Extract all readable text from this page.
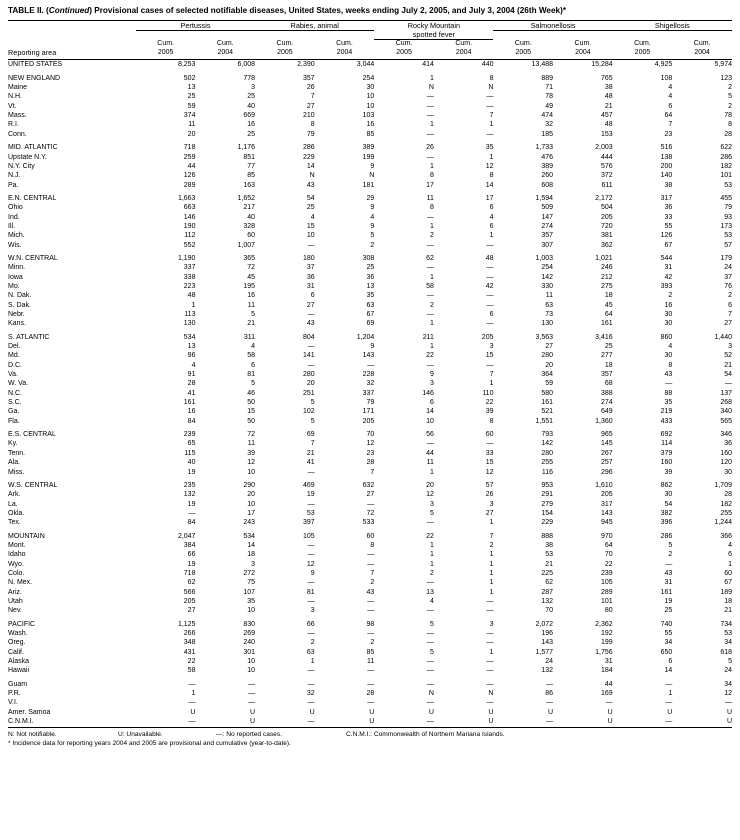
TABLE II. (Continued) Provisional cases of selected notifiable diseases, United States, weeks ending July 2, 2005, and July 3, 2004 (26th Week)*
	Pertussis		Rabies, animal		Rocky Mountain		Salmonellosis		Shigellosis	
					spotted fever					
	Cum.	Cum.	Cum.	Cum.	Cum.	Cum.	Cum.	Cum.	Cum.	Cum.
Reporting area	2005	2004	2005	2004	2005	2004	2005	2004	2005	2004

UNITED STATES	8,253	6,008	2,390	3,044	414	440	13,488	15,284	4,925	5,974

NEW ENGLAND	502	778	357	254	1	8	889	765	108	123
Maine	13	3	26	30	N	N	71	38	4	2
N.H.	25	25	7	10	—	—	78	48	4	5
Vt.	59	40	27	10	—	—	49	21	6	2
Mass.	374	669	210	103	—	7	474	457	64	78
R.I.	11	16	8	16	1	1	32	48	7	8
Conn.	20	25	79	85	—	—	185	153	23	28

MID. ATLANTIC	718	1,176	286	389	26	35	1,733	2,003	516	622
Upstate N.Y.	259	851	229	199	—	1	476	444	138	286
N.Y. City	44	77	14	9	1	12	389	576	200	182
N.J.	126	85	N	N	8	8	260	372	140	101
Pa.	289	163	43	181	17	14	608	611	38	53

E.N. CENTRAL	1,663	1,652	54	29	11	17	1,594	2,172	317	455
Ohio	663	217	25	9	8	6	509	504	36	79
Ind.	146	40	4	4	—	4	147	205	33	93
Ill.	190	328	15	9	1	6	274	720	55	173
Mich.	112	60	10	5	2	1	357	381	126	53
Wis.	552	1,007	—	2	—	—	307	362	67	57

W.N. CENTRAL	1,190	365	180	308	62	48	1,003	1,021	544	179
Minn.	337	72	37	25	—	—	254	246	31	24
Iowa	338	45	36	36	1	—	142	212	42	37
Mo.	223	195	31	13	58	42	330	275	393	76
N. Dak.	48	16	6	35	—	—	11	18	2	2
S. Dak.	1	11	27	63	2	—	63	45	16	6
Nebr.	113	5	—	67	—	6	73	64	30	7
Kans.	130	21	43	69	1	—	130	161	30	27

S. ATLANTIC	534	311	804	1,204	211	205	3,563	3,416	860	1,440
Del.	13	4	—	9	1	3	27	25	4	3
Md.	96	58	141	143	22	15	280	277	30	52
D.C.	4	6	—	—	—	—	20	18	8	21
Va.	91	81	280	228	9	7	364	357	43	54
W. Va.	28	5	20	32	3	1	59	68	—	—
N.C.	41	46	251	337	146	110	580	388	88	137
S.C.	161	50	5	79	6	22	161	274	35	268
Ga.	16	15	102	171	14	39	521	649	219	340
Fla.	84	50	5	205	10	8	1,551	1,360	433	565

E.S. CENTRAL	239	72	69	70	56	60	793	965	692	346
Ky.	65	11	7	12	—	—	142	145	114	36
Tenn.	115	39	21	23	44	33	280	267	379	160
Ala.	40	12	41	28	11	15	255	257	160	120
Miss.	19	10	—	7	1	12	116	296	39	30

W.S. CENTRAL	235	290	469	632	20	57	953	1,610	862	1,709
Ark.	132	20	19	27	12	26	291	205	30	28
La.	19	10	—	—	3	3	279	317	54	182
Okla.	—	17	53	72	5	27	154	143	382	255
Tex.	84	243	397	533	—	1	229	945	396	1,244

MOUNTAIN	2,047	534	105	60	22	7	888	970	286	366
Mont.	384	14	—	8	1	2	38	64	5	4
Idaho	66	18	—	—	1	1	53	70	2	6
Wyo.	19	3	12	—	1	1	21	22	—	1
Colo.	718	272	9	7	2	1	225	239	43	60
N. Mex.	62	75	—	2	—	1	62	105	31	67
Ariz.	566	107	81	43	13	1	287	289	161	189
Utah	205	35	—	—	4	—	132	101	19	18
Nev.	27	10	3	—	—	—	70	80	25	21

PACIFIC	1,125	830	66	98	5	3	2,072	2,362	740	734
Wash.	266	269	—	—	—	—	196	192	55	53
Oreg.	348	240	2	2	—	—	143	199	34	34
Calif.	431	301	63	85	5	1	1,577	1,756	650	618
Alaska	22	10	1	11	—	—	24	31	6	5
Hawaii	58	10	—	—	—	—	132	184	14	24

Guam	—	—	—	—	—	—	—	44	—	34
P.R.	1	—	32	28	N	N	86	169	1	12
V.I.	—	—	—	—	—	—	—	—	—	—
Amer. Samoa	U	U	U	U	U	U	U	U	U	U
C.N.M.I.	—	U	—	U	—	U	—	U	—	U
N: Not notifiable.	U: Unavailable.	—: No reported cases.	C.N.M.I.: Commonwealth of Northern Mariana Islands.
* Incidence data for reporting years 2004 and 2005 are provisional and cumulative (year-to-date).
